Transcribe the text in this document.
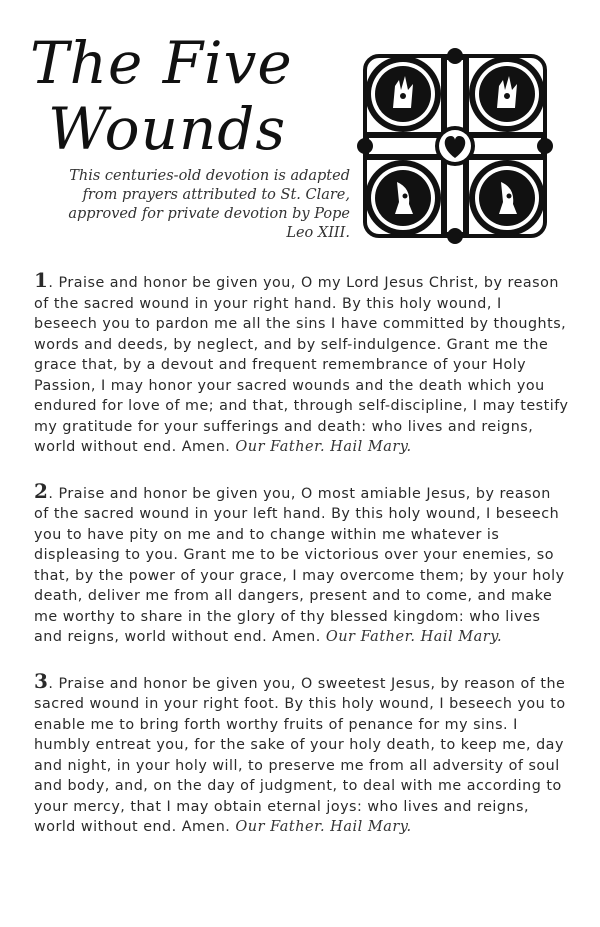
The Five
Wounds
This centuries-old devotion is adapted from prayers attributed to St. Clare, approved for private devotion by Pope Leo XIII.

1. Praise and honor be given you, O my Lord Jesus Christ, by reason of the sacred wound in your right hand. By this holy wound, I beseech you to pardon me all the sins I have committed by thoughts, words and deeds, by neglect, and by self-indulgence. Grant me the grace that, by a devout and frequent remembrance of your Holy Passion, I may honor your sacred wounds and the death which you endured for love of me; and that, through self-discipline, I may testify my gratitude for your sufferings and death: who lives and reigns, world without end. Amen. Our Father. Hail Mary.

2. Praise and honor be given you, O most amiable Jesus, by reason of the sacred wound in your left hand. By this holy wound, I beseech you to have pity on me and to change within me whatever is displeasing to you. Grant me to be victorious over your enemies, so that, by the power of your grace, I may overcome them; by your holy death, deliver me from all dangers, present and to come, and make me worthy to share in the glory of thy blessed kingdom: who lives and reigns, world without end. Amen. Our Father. Hail Mary.

3. Praise and honor be given you, O sweetest Jesus, by reason of the sacred wound in your right foot. By this holy wound, I beseech you to enable me to bring forth worthy fruits of penance for my sins. I humbly entreat you, for the sake of your holy death, to keep me, day and night, in your holy will, to preserve me from all adversity of soul and body, and, on the day of judgment, to deal with me according to your mercy, that I may obtain eternal joys: who lives and reigns, world without end. Amen. Our Father. Hail Mary.
